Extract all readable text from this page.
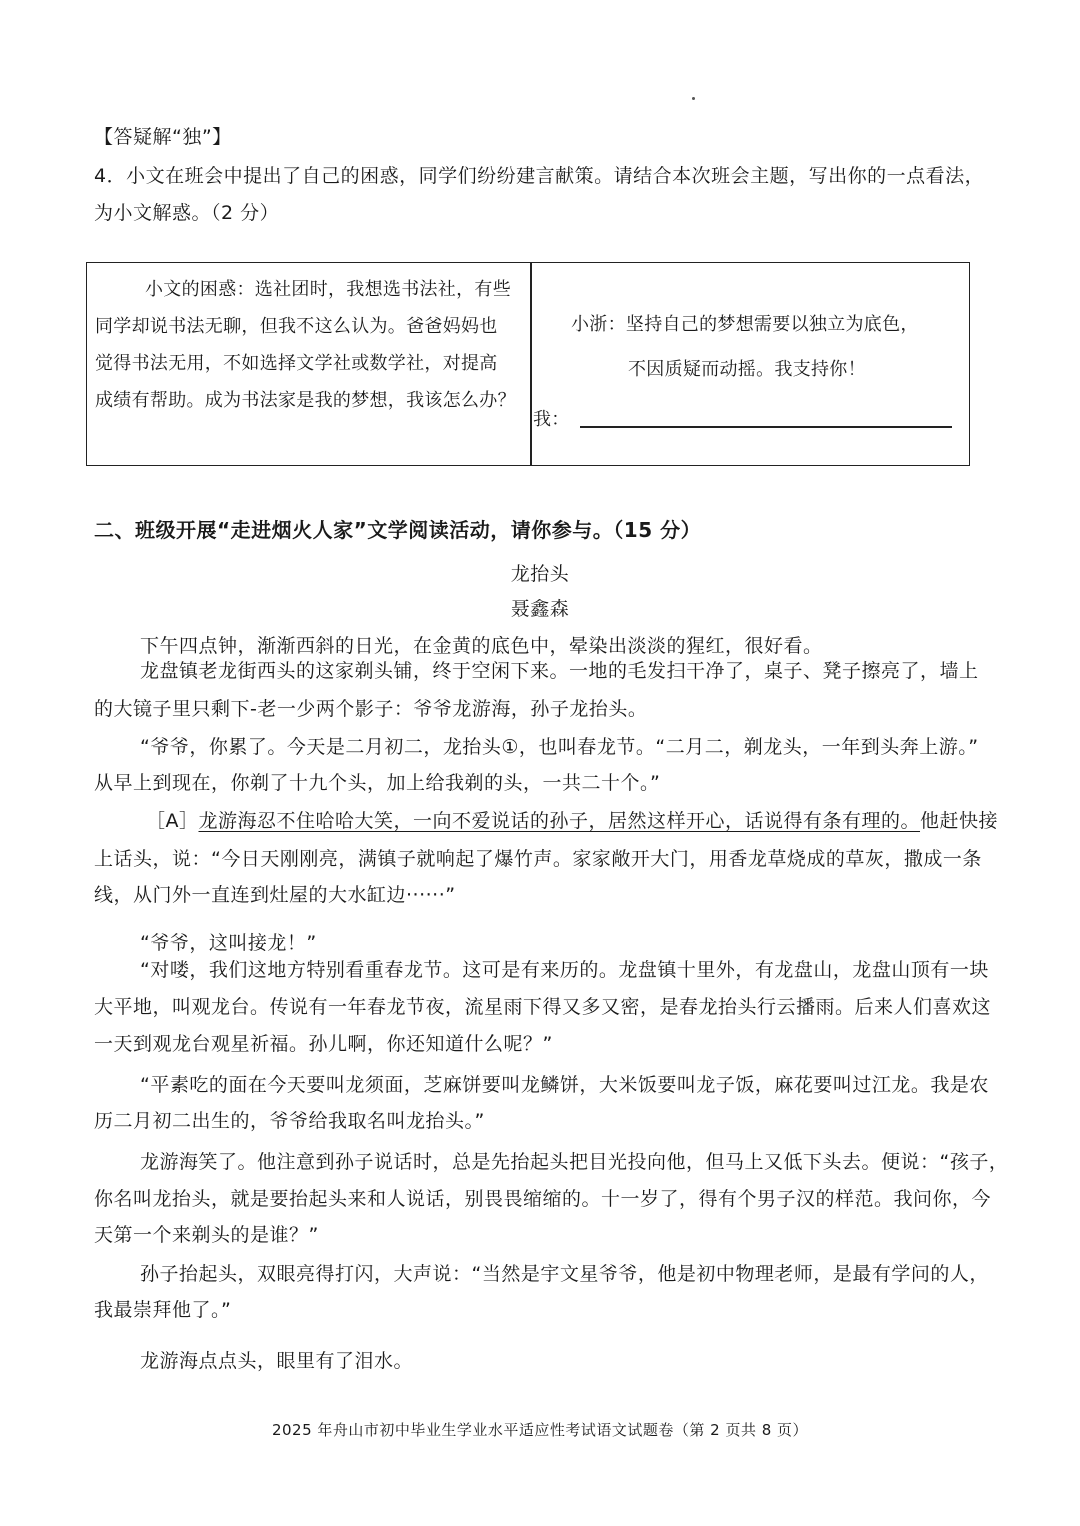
【答疑解“独”】
4．小文在班会中提出了自己的困惑，同学们纷纷建言献策。请结合本次班会主题，写出你的一点看法，
为小文解惑。（2 分）
小文的困惑：选社团时，我想选书法社，有些
同学却说书法无聊，但我不这么认为。爸爸妈妈也
觉得书法无用，不如选择文学社或数学社，对提高
成绩有帮助。成为书法家是我的梦想，我该怎么办？
小浙：坚持自己的梦想需要以独立为底色，
不因质疑而动摇。我支持你！
我：
二、班级开展“走进烟火人家”文学阅读活动，请你参与。（15 分）
龙抬头
聂鑫森
下午四点钟，渐渐西斜的日光，在金黄的底色中，晕染出淡淡的猩红，很好看。
龙盘镇老龙街西头的这家剃头铺，终于空闲下来。一地的毛发扫干净了，桌子、凳子擦亮了，墙上
的大镜子里只剩下-老一少两个影子：爷爷龙游海，孙子龙抬头。
“爷爷，你累了。今天是二月初二，龙抬头①，也叫春龙节。“二月二，剃龙头，一年到头奔上游。”
从早上到现在，你剃了十九个头，加上给我剃的头，一共二十个。”
［A］龙游海忍不住哈哈大笑，一向不爱说话的孙子，居然这样开心，话说得有条有理的。他赶快接
上话头，说：“今日天刚刚亮，满镇子就响起了爆竹声。家家敞开大门，用香龙草烧成的草灰，撒成一条
线，从门外一直连到灶屋的大水缸边······”
“爷爷，这叫接龙！”
“对喽，我们这地方特别看重春龙节。这可是有来历的。龙盘镇十里外，有龙盘山，龙盘山顶有一块
大平地，叫观龙台。传说有一年春龙节夜，流星雨下得又多又密，是春龙抬头行云播雨。后来人们喜欢这
一天到观龙台观星祈福。孙儿啊，你还知道什么呢？”
“平素吃的面在今天要叫龙须面，芝麻饼要叫龙鳞饼，大米饭要叫龙子饭，麻花要叫过江龙。我是农
历二月初二出生的，爷爷给我取名叫龙抬头。”
龙游海笑了。他注意到孙子说话时，总是先抬起头把目光投向他，但马上又低下头去。便说：“孩子，
你名叫龙抬头，就是要抬起头来和人说话，别畏畏缩缩的。十一岁了，得有个男子汉的样范。我问你，今
天第一个来剃头的是谁？”
孙子抬起头，双眼亮得打闪，大声说：“当然是宇文星爷爷，他是初中物理老师，是最有学问的人，
我最崇拜他了。”
龙游海点点头，眼里有了泪水。
2025 年舟山市初中毕业生学业水平适应性考试语文试题卷（第 2 页共 8 页）
